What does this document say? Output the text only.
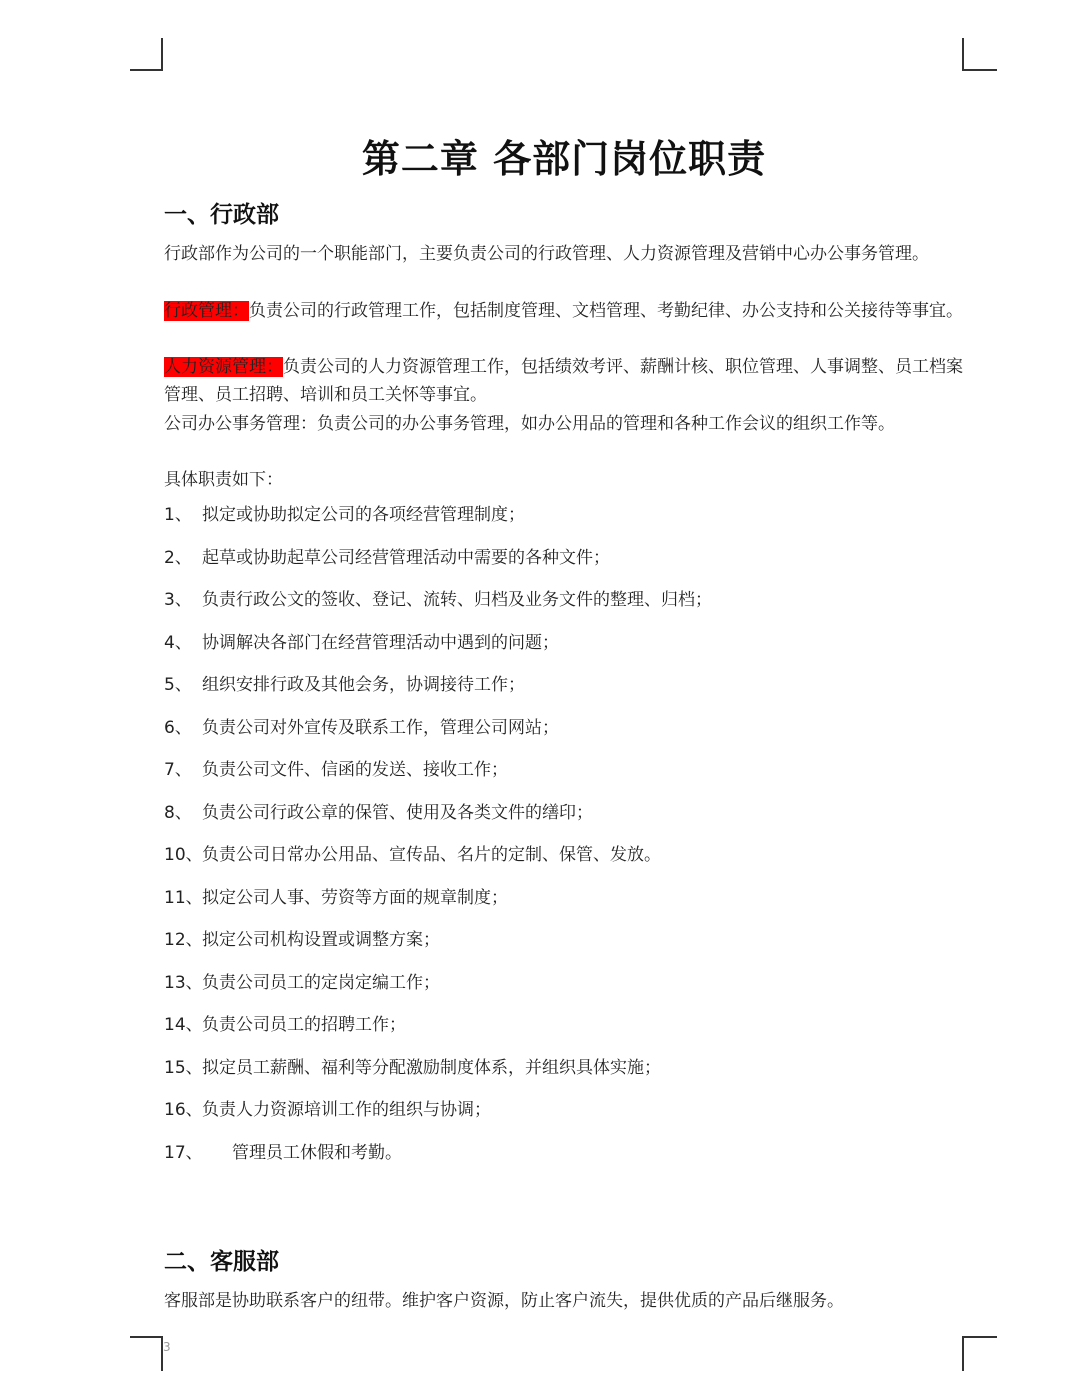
第二章 各部门岗位职责
一、行政部
行政部作为公司的一个职能部门，主要负责公司的行政管理、人力资源管理及营销中心办公事务管理。
行政管理：负责公司的行政管理工作，包括制度管理、文档管理、考勤纪律、办公支持和公关接待等事宜。
人力资源管理：负责公司的人力资源管理工作，包括绩效考评、薪酬计核、职位管理、人事调整、员工档案管理、员工招聘、培训和员工关怀等事宜。
公司办公事务管理：负责公司的办公事务管理，如办公用品的管理和各种工作会议的组织工作等。
具体职责如下：
1、 拟定或协助拟定公司的各项经营管理制度；
2、 起草或协助起草公司经营管理活动中需要的各种文件；
3、 负责行政公文的签收、登记、流转、归档及业务文件的整理、归档；
4、 协调解决各部门在经营管理活动中遇到的问题；
5、 组织安排行政及其他会务，协调接待工作；
6、 负责公司对外宣传及联系工作，管理公司网站；
7、 负责公司文件、信函的发送、接收工作；
8、 负责公司行政公章的保管、使用及各类文件的缮印；
10、负责公司日常办公用品、宣传品、名片的定制、保管、发放。
11、拟定公司人事、劳资等方面的规章制度；
12、拟定公司机构设置或调整方案；
13、负责公司员工的定岗定编工作；
14、负责公司员工的招聘工作；
15、拟定员工薪酬、福利等分配激励制度体系，并组织具体实施；
16、负责人力资源培训工作的组织与协调；
17、 管理员工休假和考勤。
二、客服部
客服部是协助联系客户的纽带。维护客户资源，防止客户流失，提供优质的产品后继服务。
3
